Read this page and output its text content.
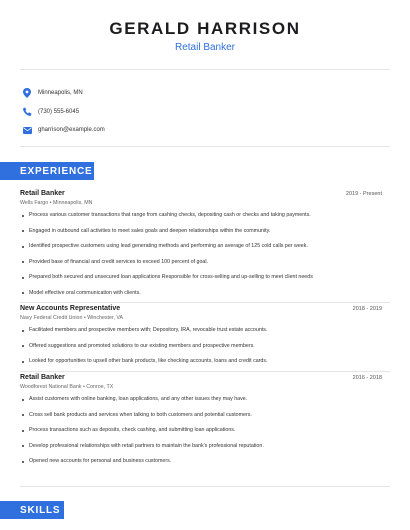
GERALD HARRISON
Retail Banker
Minneapolis, MN
(730) 555-6045
gharrison@example.com
EXPERIENCE
Retail Banker	2019 - Present
Wells Fargo • Minneapolis, MN
Process various customer transactions that range from cashing checks, depositing cash or checks and taking payments.
Engaged in outbound call activities to meet sales goals and deepen relationships within the community.
Identified prospective customers using lead generating methods and performing an average of 125 cold calls per week.
Provided base of financial and credit services to exceed 100 percent of goal.
Prepared both secured and unsecured loan applications Responsible for cross-selling and up-selling to meet client needs
Model effective oral communication with clients.
New Accounts Representative	2018 - 2019
Navy Federal Credit Union • Winchester, VA
Facilitated members and prospective members with; Depository, IRA, revocable trust estate accounts.
Offered suggestions and promoted solutions to our existing members and prospective members.
Looked for opportunities to upsell other bank products, like checking accounts, loans and credit cards.
Retail Banker	2016 - 2018
Woodforest National Bank • Conroe, TX
Assist customers with online banking, loan applications, and any other issues they may have.
Cross sell bank products and services when talking to both customers and potential customers.
Process transactions such as deposits, check cashing, and submitting loan applications.
Develop professional relationships with retail partners to maintain the bank's professional reputation.
Opened new accounts for personal and business customers.
SKILLS
